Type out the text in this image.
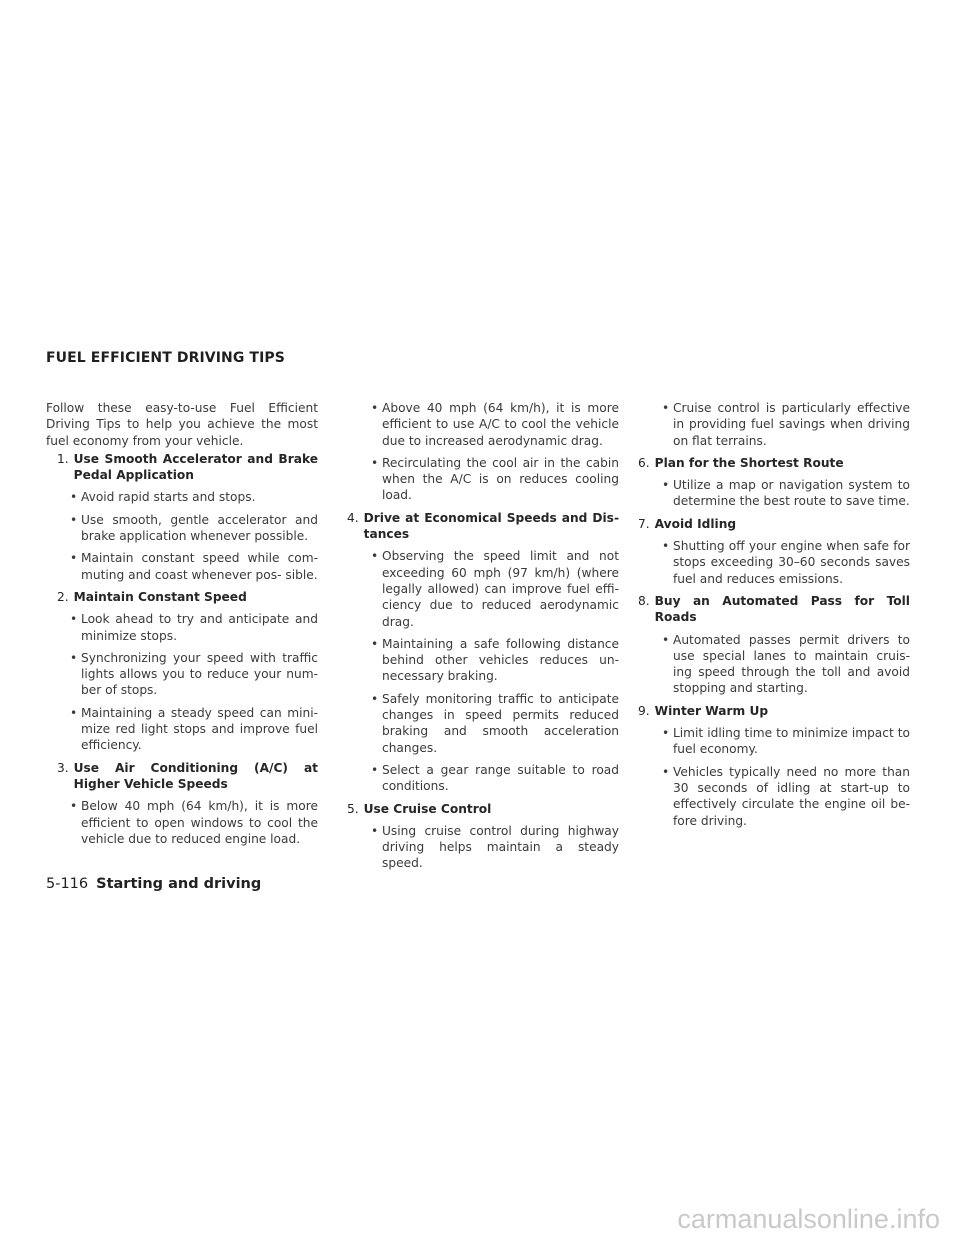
FUEL EFFICIENT DRIVING TIPS

Follow these easy-to-use Fuel Efficient Driving Tips to help you achieve the most fuel economy from your vehicle.

1. Use Smooth Accelerator and Brake Pedal Application
• Avoid rapid starts and stops.
• Use smooth, gentle accelerator and brake application whenever possible.
• Maintain constant speed while com- muting and coast whenever pos- sible.
2. Maintain Constant Speed
• Look ahead to try and anticipate and minimize stops.
• Synchronizing your speed with traffic lights allows you to reduce your num- ber of stops.
• Maintaining a steady speed can mini- mize red light stops and improve fuel efficiency.
3. Use Air Conditioning (A/C) at Higher Vehicle Speeds
• Below 40 mph (64 km/h), it is more efficient to open windows to cool the vehicle due to reduced engine load.
• Above 40 mph (64 km/h), it is more efficient to use A/C to cool the vehicle due to increased aerodynamic drag.
• Recirculating the cool air in the cabin when the A/C is on reduces cooling load.
4. Drive at Economical Speeds and Dis- tances
• Observing the speed limit and not exceeding 60 mph (97 km/h) (where legally allowed) can improve fuel effi- ciency due to reduced aerodynamic drag.
• Maintaining a safe following distance behind other vehicles reduces un- necessary braking.
• Safely monitoring traffic to anticipate changes in speed permits reduced braking and smooth acceleration changes.
• Select a gear range suitable to road conditions.
5. Use Cruise Control
• Using cruise control during highway driving helps maintain a steady speed.
• Cruise control is particularly effective in providing fuel savings when driving on flat terrains.
6. Plan for the Shortest Route
• Utilize a map or navigation system to determine the best route to save time.
7. Avoid Idling
• Shutting off your engine when safe for stops exceeding 30–60 seconds saves fuel and reduces emissions.
8. Buy an Automated Pass for Toll Roads
• Automated passes permit drivers to use special lanes to maintain cruis- ing speed through the toll and avoid stopping and starting.
9. Winter Warm Up
• Limit idling time to minimize impact to fuel economy.
• Vehicles typically need no more than 30 seconds of idling at start-up to effectively circulate the engine oil be- fore driving.
5-116 Starting and driving
carmanualsonline.info
